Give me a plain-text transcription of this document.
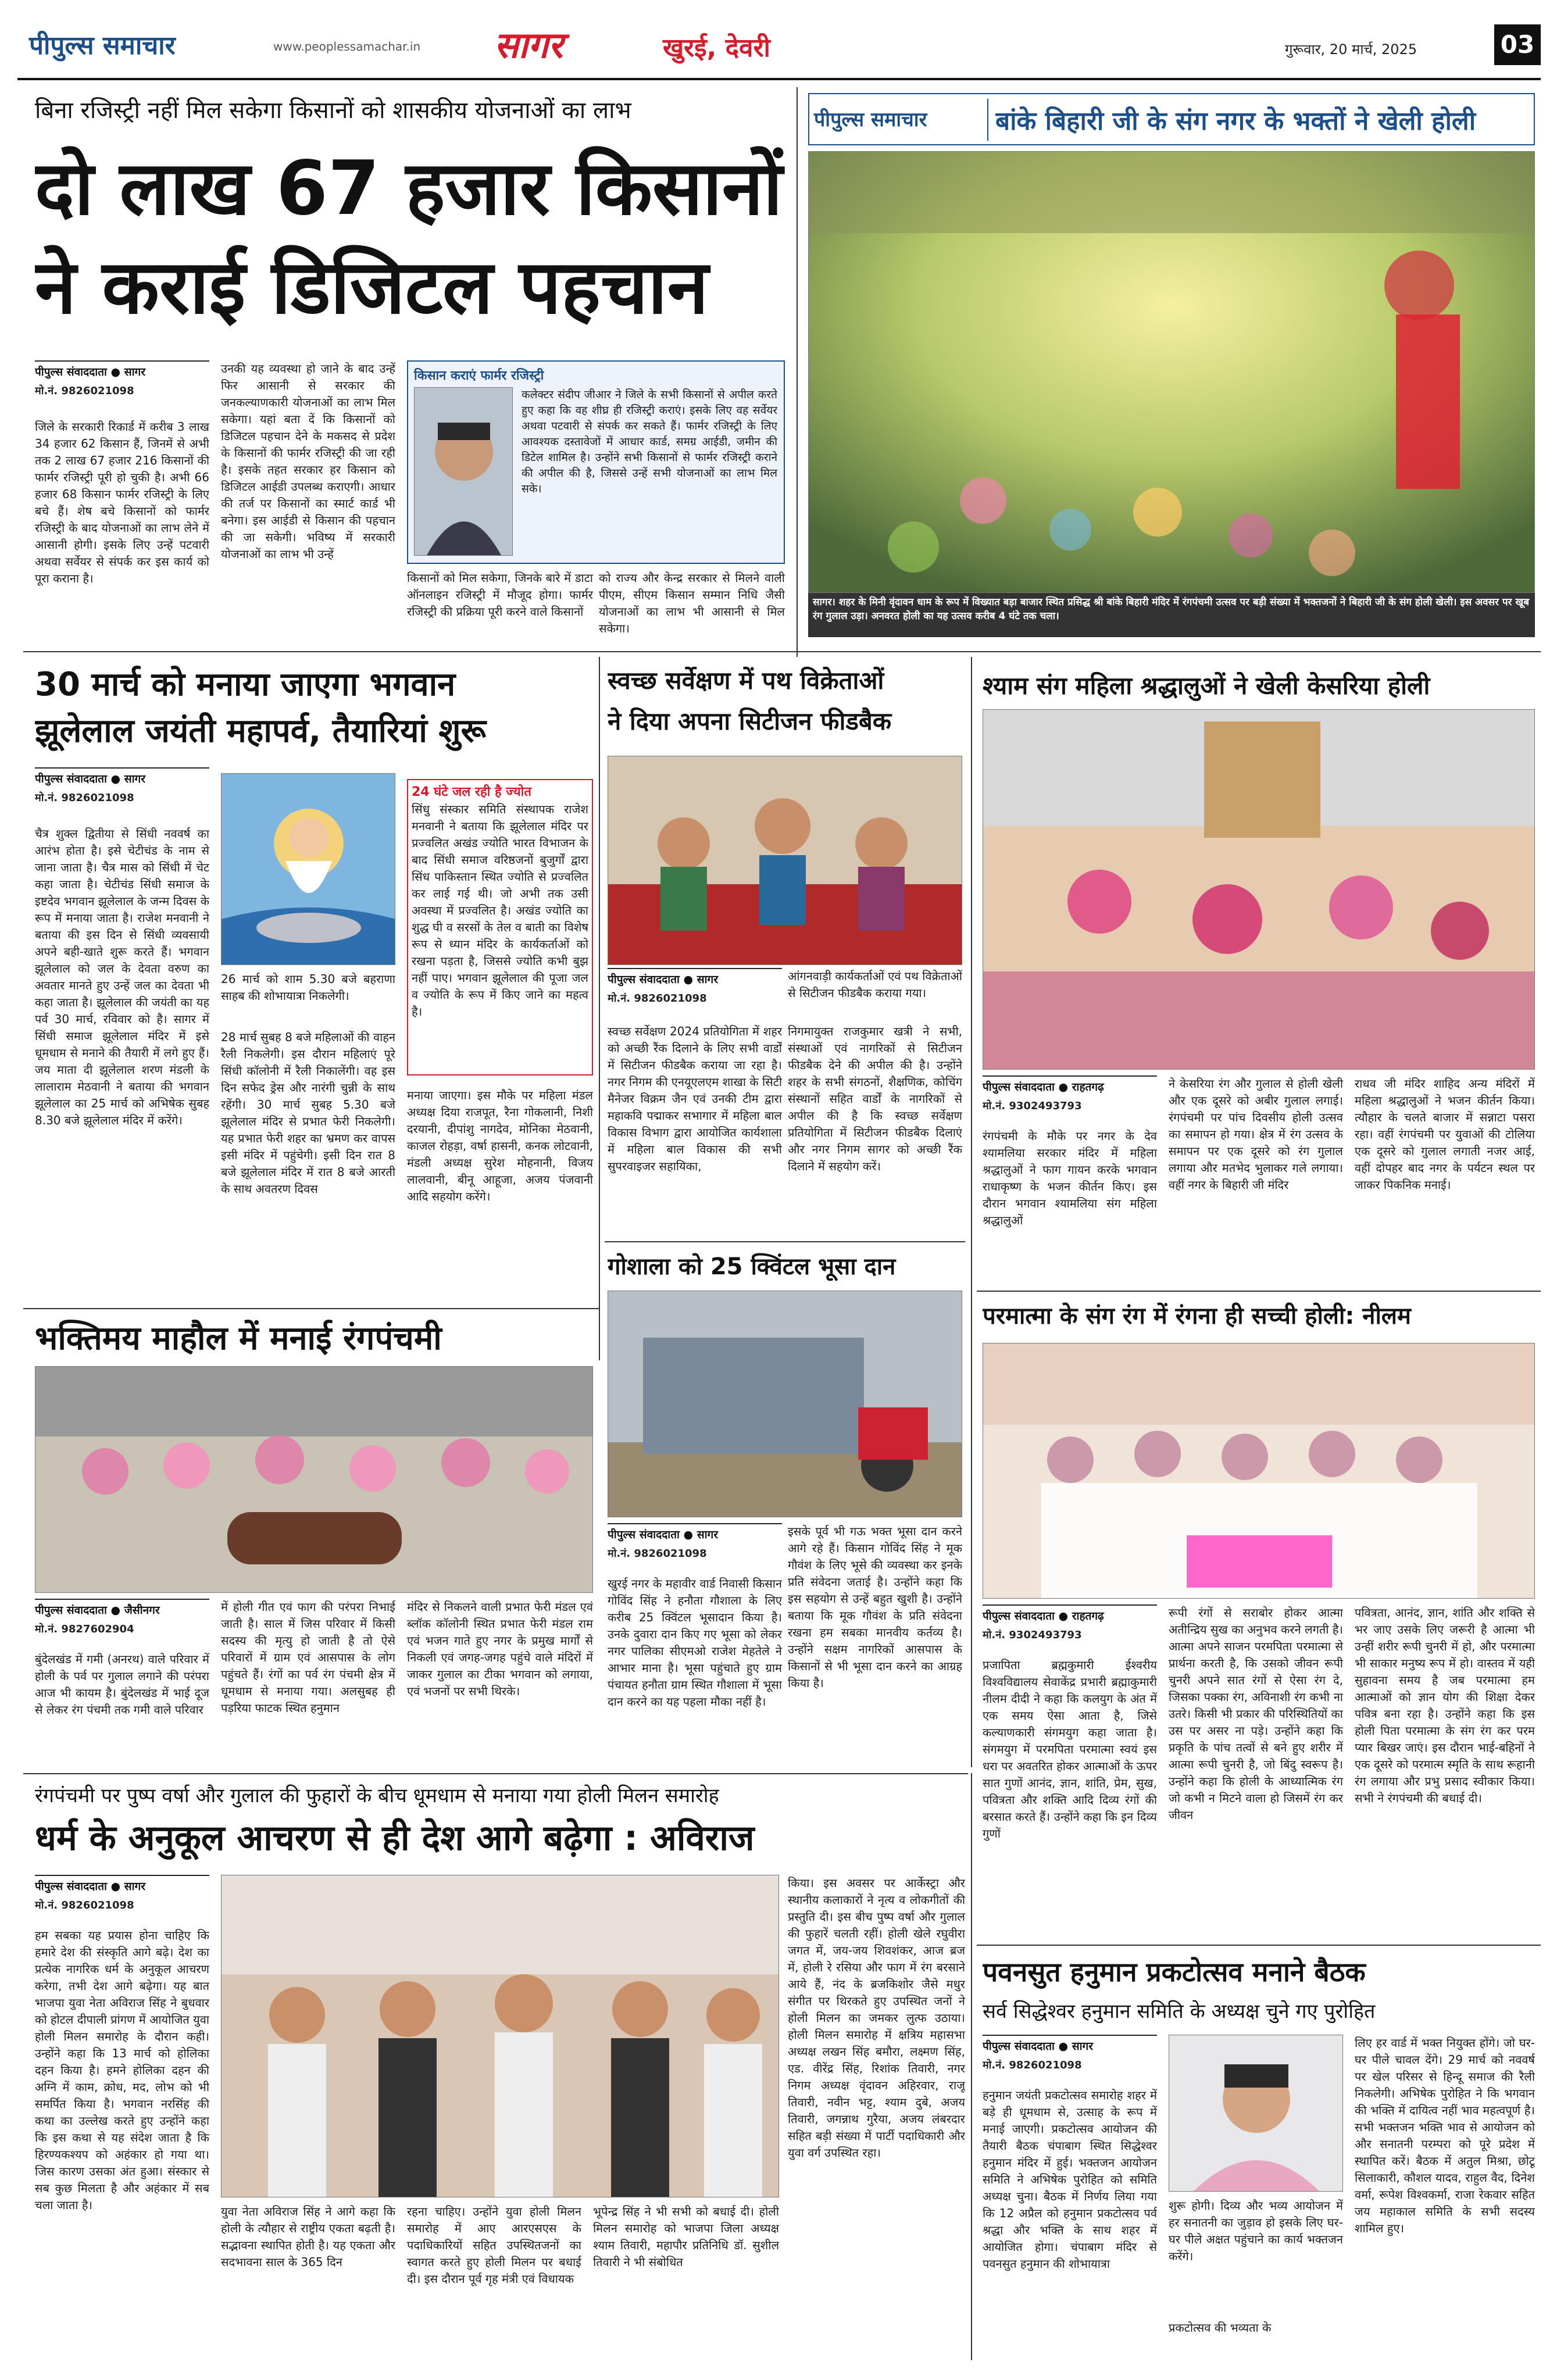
पीपुल्स समाचार	www.peoplessamachar.in सागर	खुरई, देवरी	गुरूवार, 20 मार्च, 2025	03
बिना रजिस्ट्री नहीं मिल सकेगा किसानों को शासकीय योजनाओं का लाभ
दो लाख 67 हजार किसानों
ने कराई डिजिटल पहचान
पीपुल्स संवाददाता ● सागर
मो.नं. 9826021098
जिले के सरकारी रिकार्ड में करीब 3 लाख 34 हजार 62 किसान हैं, जिनमें से अभी तक 2 लाख 67 हजार 216 किसानों की फार्मर रजिस्ट्री पूरी हो चुकी है। अभी 66 हजार 68 किसान फार्मर रजिस्ट्री के लिए बचे हैं। शेष बचे किसानों को फार्मर रजिस्ट्री के बाद योजनाओं का लाभ लेने में आसानी होगी। इसके लिए उन्हें पटवारी अथवा सर्वेयर से संपर्क कर इस कार्य को पूरा कराना है।
उनकी यह व्यवस्था हो जाने के बाद उन्हें फिर आसानी से सरकार की जनकल्याणकारी योजनाओं का लाभ मिल सकेगा। यहां बता दें कि किसानों को डिजिटल पहचान देने के मकसद से प्रदेश के किसानों की फार्मर रजिस्ट्री की जा रही है। इसके तहत सरकार हर किसान को डिजिटल आईडी उपलब्ध कराएगी। आधार की तर्ज पर किसानों का स्मार्ट कार्ड भी बनेगा। इस आईडी से किसान की पहचान की जा सकेगी। भविष्य में सरकारी योजनाओं का लाभ भी उन्हें
किसान कराएं फार्मर रजिस्ट्री
कलेक्टर संदीप जीआर ने जिले के सभी किसानों से अपील करते हुए कहा कि वह शीघ्र ही रजिस्ट्री कराएं। इसके लिए वह सर्वेयर अथवा पटवारी से संपर्क कर सकते हैं। फार्मर रजिस्ट्री के लिए आवश्यक दस्तावेजों में आधार कार्ड, समग्र आईडी, जमीन की डिटेल शामिल है। उन्होंने सभी किसानों से फार्मर रजिस्ट्री कराने की अपील की है, जिससे उन्हें सभी योजनाओं का लाभ मिल सके।
किसानों को मिल सकेगा, जिनके बारे में डाटा ऑनलाइन रजिस्ट्री में मौजूद होगा। फार्मर रजिस्ट्री की प्रक्रिया पूरी करने वाले किसानों
को राज्य और केन्द्र सरकार से मिलने वाली पीएम, सीएम किसान सम्मान निधि जैसी योजनाओं का लाभ भी आसानी से मिल सकेगा।
पीपुल्स समाचार	बांके बिहारी जी के संग नगर के भक्तों ने खेली होली
सागर। शहर के मिनी वृंदावन धाम के रूप में विख्यात बड़ा बाजार स्थित प्रसिद्ध श्री बांके बिहारी मंदिर में रंगपंचमी उत्सव पर बड़ी संख्या में भक्तजनों ने बिहारी जी के संग होली खेली। इस अवसर पर खूब रंग गुलाल उड़ा। अनवरत होली का यह उत्सव करीब 4 घंटे तक चला।
30 मार्च को मनाया जाएगा भगवान
झूलेलाल जयंती महापर्व, तैयारियां शुरू
पीपुल्स संवाददाता ● सागर
मो.नं. 9826021098
चैत्र शुक्ल द्वितीया से सिंधी नववर्ष का आरंभ होता है। इसे चेटीचंड के नाम से जाना जाता है। चैत्र मास को सिंधी में चेट कहा जाता है। चेटीचंड सिंधी समाज के इष्टदेव भगवान झूलेलाल के जन्म दिवस के रूप में मनाया जाता है। राजेश मनवानी ने बताया की इस दिन से सिंधी व्यवसायी अपने बही-खाते शुरू करते हैं। भगवान झूलेलाल को जल के देवता वरुण का अवतार मानते हुए उन्हें जल का देवता भी कहा जाता है। झूलेलाल की जयंती का यह पर्व 30 मार्च, रविवार को है। सागर में सिंधी समाज झूलेलाल मंदिर में इसे धूमधाम से मनाने की तैयारी में लगे हुए हैं। जय माता दी झूलेलाल शरण मंडली के लालाराम मेठवानी ने बताया की भगवान झूलेलाल का 25 मार्च को अभिषेक सुबह 8.30 बजे झूलेलाल मंदिर में करेंगे।
26 मार्च को शाम 5.30 बजे बहराणा साहब की शोभायात्रा निकलेगी।
28 मार्च सुबह 8 बजे महिलाओं की वाहन रैली निकलेगी। इस दौरान महिलाएं पूरे सिंधी कॉलोनी में रैली निकालेंगी। वह इस दिन सफेद ड्रेस और नारंगी चुन्नी के साथ रहेंगी। 30 मार्च सुबह 5.30 बजे झूलेलाल मंदिर से प्रभात फेरी निकलेगी। यह प्रभात फेरी शहर का भ्रमण कर वापस इसी मंदिर में पहुंचेगी। इसी दिन रात 8 बजे झूलेलाल मंदिर में रात 8 बजे आरती के साथ अवतरण दिवस
24 घंटे जल रही है ज्योत
सिंधु संस्कार समिति संस्थापक राजेश मनवानी ने बताया कि झूलेलाल मंदिर पर प्रज्वलित अखंड ज्योति भारत विभाजन के बाद सिंधी समाज वरिष्ठजनों बुजुर्गों द्वारा सिंध पाकिस्तान स्थित ज्योति से प्रज्वलित कर लाई गई थी। जो अभी तक उसी अवस्था में प्रज्वलित है। अखंड ज्योति का शुद्ध घी व सरसों के तेल व बाती का विशेष रूप से ध्यान मंदिर के कार्यकर्ताओं को रखना पड़ता है, जिससे ज्योति कभी बुझ नहीं पाए। भगवान झूलेलाल की पूजा जल व ज्योति के रूप में किए जाने का महत्व है।
मनाया जाएगा। इस मौके पर महिला मंडल अध्यक्ष दिया राजपूत, रैना गोकलानी, निशी दरयानी, दीपांशु नागदेव, मोनिका मेठवानी, काजल रोहड़ा, वर्षा हासनी, कनक लोटवानी, मंडली अध्यक्ष सुरेश मोहनानी, विजय लालवानी, बीनू आहूजा, अजय पंजवानी आदि सहयोग करेंगे।
स्वच्छ सर्वेक्षण में पथ विक्रेताओं
ने दिया अपना सिटीजन फीडबैक
पीपुल्स संवाददाता ● सागर	आंगनवाड़ी कार्यकर्ताओं एवं पथ विक्रेताओं से सिटीजन फीडबैक कराया गया।
मो.नं. 9826021098
स्वच्छ सर्वेक्षण 2024 प्रतियोगिता में शहर को अच्छी रैंक दिलाने के लिए सभी वार्डों में सिटीजन फीडबैक कराया जा रहा है। नगर निगम की एनयूएलएम शाखा के सिटी मैनेजर विक्रम जैन एवं उनकी टीम द्वारा महाकवि पद्माकर सभागार में महिला बाल विकास विभाग द्वारा आयोजित कार्यशाला में महिला बाल विकास की सभी सुपरवाइजर सहायिका,
निगमायुक्त राजकुमार खत्री ने सभी, संस्थाओं एवं नागरिकों से सिटीजन फीडबैक देने की अपील की है। उन्होंने शहर के सभी संगठनों, शैक्षणिक, कोचिंग संस्थानों सहित वार्डों के नागरिकों से अपील की है कि स्वच्छ सर्वेक्षण प्रतियोगिता में सिटीजन फीडबैक दिलाएं और नगर निगम सागर को अच्छी रैंक दिलाने में सहयोग करें।
श्याम संग महिला श्रद्धालुओं ने खेली केसरिया होली
पीपुल्स संवाददाता ● राहतगढ़
मो.नं. 9302493793
रंगपंचमी के मौके पर नगर के देव श्यामलिया सरकार मंदिर में महिला श्रद्धालुओं ने फाग गायन करके भगवान राधाकृष्ण के भजन कीर्तन किए। इस दौरान भगवान श्यामलिया संग महिला श्रद्धालुओं
ने केसरिया रंग और गुलाल से होली खेली और एक दूसरे को अबीर गुलाल लगाई। रंगपंचमी पर पांच दिवसीय होली उत्सव का समापन हो गया। क्षेत्र में रंग उत्सव के समापन पर एक दूसरे को रंग गुलाल लगाया और मतभेद भुलाकर गले लगाया। वहीं नगर के बिहारी जी मंदिर
राधव जी मंदिर शाहिद अन्य मंदिरों में महिला श्रद्धालुओं ने भजन कीर्तन किया। त्यौहार के चलते बाजार में सन्नाटा पसरा रहा। वहीं रंगपंचमी पर युवाओं की टोलिया एक दूसरे को गुलाल लगाती नजर आई, वहीं दोपहर बाद नगर के पर्यटन स्थल पर जाकर पिकनिक मनाई।
भक्तिमय माहौल में मनाई रंगपंचमी
पीपुल्स संवाददाता ● जैसीनगर
मो.नं. 9827602904
बुंदेलखंड में गमी (अनरथ) वाले परिवार में होली के पर्व पर गुलाल लगाने की परंपरा आज भी कायम है। बुंदेलखंड में भाई दूज से लेकर रंग पंचमी तक गमी वाले परिवार
में होली गीत एवं फाग की परंपरा निभाई जाती है। साल में जिस परिवार में किसी सदस्य की मृत्यु हो जाती है तो ऐसे परिवारों में ग्राम एवं आसपास के लोग पहुंचते हैं। रंगों का पर्व रंग पंचमी क्षेत्र में धूमधाम से मनाया गया। अलसुबह ही पड़रिया फाटक स्थित हनुमान
मंदिर से निकलने वाली प्रभात फेरी मंडल एवं ब्लॉक कॉलोनी स्थित प्रभात फेरी मंडल राम एवं भजन गाते हुए नगर के प्रमुख मार्गों से निकली एवं जगह-जगह पहुंचे वाले मंदिरों में जाकर गुलाल का टीका भगवान को लगाया, एवं भजनों पर सभी थिरके।
गोशाला को 25 क्विंटल भूसा दान
पीपुल्स संवाददाता ● सागर
मो.नं. 9826021098
खुरई नगर के महावीर वार्ड निवासी किसान गोविंद सिंह ने हनौता गौशाला के लिए करीब 25 क्विंटल भूसादान किया है। उनके दुवारा दान किए गए भूसा को लेकर नगर पालिका सीएमओ राजेश मेहतेले ने आभार माना है। भूसा पहुंचाते हुए ग्राम पंचायत हनौता ग्राम स्थित गौशाला में भूसा दान करने का यह पहला मौका नहीं है।
इसके पूर्व भी गऊ भक्त भूसा दान करने आगे रहे हैं। किसान गोविंद सिंह ने मूक गौवंश के लिए भूसे की व्यवस्था कर इनके प्रति संवेदना जताई है। उन्होंने कहा कि इस सहयोग से उन्हें बहुत खुशी है। उन्होंने बताया कि मूक गौवंश के प्रति संवेदना रखना हम सबका मानवीय कर्तव्य है। उन्होंने सक्षम नागरिकों आसपास के किसानों से भी भूसा दान करने का आग्रह किया है।
परमात्मा के संग रंग में रंगना ही सच्ची होली: नीलम
पीपुल्स संवाददाता ● राहतगढ़
मो.नं. 9302493793
प्रजापिता ब्रह्मकुमारी ईश्वरीय विश्वविद्यालय सेवाकेंद्र प्रभारी ब्रह्माकुमारी नीलम दीदी ने कहा कि कलयुग के अंत में एक समय ऐसा आता है, जिसे कल्याणकारी संगमयुग कहा जाता है। संगमयुग में परमपिता परमात्मा स्वयं इस धरा पर अवतरित होकर आत्माओं के ऊपर सात गुणों आनंद, ज्ञान, शांति, प्रेम, सुख, पवित्रता और शक्ति आदि दिव्य रंगों की बरसात करते हैं। उन्होंने कहा कि इन दिव्य गुणों
रूपी रंगों से सराबोर होकर आत्मा अतीन्द्रिय सुख का अनुभव करने लगती है। आत्मा अपने साजन परमपिता परमात्मा से प्रार्थना करती है, कि उसको जीवन रूपी चुनरी अपने सात रंगों से ऐसा रंग दे, जिसका पक्का रंग, अविनाशी रंग कभी ना उतरे। किसी भी प्रकार की परिस्थितियों का उस पर असर ना पड़े। उन्होंने कहा कि प्रकृति के पांच तत्वों से बने हुए शरीर में आत्मा रूपी चुनरी है, जो बिंदु स्वरूप है। उन्होंने कहा कि होली के आध्यात्मिक रंग जो कभी न मिटने वाला हो जिसमें रंग कर जीवन
पवित्रता, आनंद, ज्ञान, शांति और शक्ति से भर जाए उसके लिए जरूरी है आत्मा भी उन्हीं शरीर रूपी चुनरी में हो, और परमात्मा भी साकार मनुष्य रूप में हो। वास्तव में यही सुहावना समय है जब परमात्मा हम आत्माओं को ज्ञान योग की शिक्षा देकर पवित्र बना रहा है। उन्होंने कहा कि इस होली पिता परमात्मा के संग रंग कर परम प्यार बिखर जाएं। इस दौरान भाई-बहिनों ने एक दूसरे को परमात्म स्मृति के साथ रूहानी रंग लगाया और प्रभु प्रसाद स्वीकार किया। सभी ने रंगपंचमी की बधाई दी।
रंगपंचमी पर पुष्प वर्षा और गुलाल की फुहारों के बीच धूमधाम से मनाया गया होली मिलन समारोह
धर्म के अनुकूल आचरण से ही देश आगे बढ़ेगा : अविराज
पीपुल्स संवाददाता ● सागर
मो.नं. 9826021098
हम सबका यह प्रयास होना चाहिए कि हमारे देश की संस्कृति आगे बढ़े। देश का प्रत्येक नागरिक धर्म के अनुकूल आचरण करेगा, तभी देश आगे बढ़ेगा। यह बात भाजपा युवा नेता अविराज सिंह ने बुधवार को होटल दीपाली प्रांगण में आयोजित युवा होली मिलन समारोह के दौरान कही। उन्होंने कहा कि 13 मार्च को होलिका दहन किया है। हमने होलिका दहन की अग्नि में काम, क्रोध, मद, लोभ को भी समर्पित किया है। भगवान नरसिंह की कथा का उल्लेख करते हुए उन्होंने कहा कि इस कथा से यह संदेश जाता है कि हिरण्यकश्यप को अहंकार हो गया था। जिस कारण उसका अंत हुआ। संस्कार से सब कुछ मिलता है और अहंकार में सब चला जाता है।	युवा नेता अविराज सिंह ने आगे कहा कि होली के त्यौहार से राष्ट्रीय एकता बढ़ती है। सद्भावना स्थापित होती है। यह एकता और सदभावना साल के 365 दिन
रहना चाहिए। उन्होंने युवा होली मिलन समारोह में आए आरएसएस के पदाधिकारियों सहित उपस्थितजनों का स्वागत करते हुए होली मिलन पर बधाई दी। इस दौरान पूर्व गृह मंत्री एवं विधायक
भूपेन्द्र सिंह ने भी सभी को बधाई दी। होली मिलन समारोह को भाजपा जिला अध्यक्ष श्याम तिवारी, महापौर प्रतिनिधि डॉ. सुशील तिवारी ने भी संबोधित
किया। इस अवसर पर आर्केस्ट्रा और स्थानीय कलाकारों ने नृत्य व लोकगीतों की प्रस्तुति दी। इस बीच पुष्प वर्षा और गुलाल की फुहारें चलती रहीं। होली खेले रघुवीरा जगत में, जय-जय शिवशंकर, आज ब्रज में, होली रे रसिया और फाग में रंग बरसाने आये हैं, नंद के ब्रजकिशोर जैसे मधुर संगीत पर थिरकते हुए उपस्थित जनों ने होली मिलन का जमकर लुत्फ उठाया। होली मिलन समारोह में क्षत्रिय महासभा अध्यक्ष लखन सिंह बमौरा, लक्ष्मण सिंह, एड. वीरेंद्र सिंह, रिशांक तिवारी, नगर निगम अध्यक्ष वृंदावन अहिरवार, राजू तिवारी, नवीन भट्ट, श्याम दुबे, अजय तिवारी, जगन्नाथ गुरैया, अजय लंबरदार सहित बड़ी संख्या में पार्टी पदाधिकारी और युवा वर्ग उपस्थित रहा।
पवनसुत हनुमान प्रकटोत्सव मनाने बैठक
सर्व सिद्धेश्वर हनुमान समिति के अध्यक्ष चुने गए पुरोहित
पीपुल्स संवाददाता ● सागर
मो.नं. 9826021098
हनुमान जयंती प्रकटोत्सव समारोह शहर में बड़े ही धूमधाम से, उत्साह के रूप में मनाई जाएगी। प्रकटोत्सव आयोजन की तैयारी बैठक चंपाबाग स्थित सिद्धेश्वर हनुमान मंदिर में हुई। भक्तजन आयोजन समिति ने अभिषेक पुरोहित को समिति अध्यक्ष चुना। बैठक में निर्णय लिया गया कि 12 अप्रैल को हनुमान प्रकटोत्सव पर्व श्रद्धा और भक्ति के साथ शहर में आयोजित होगा। चंपाबाग मंदिर से पवनसुत हनुमान की शोभायात्रा
शुरू होगी। दिव्य और भव्य आयोजन में हर सनातनी का जुड़ाव हो इसके लिए घर-घर पीले अक्षत पहुंचाने का कार्य भक्तजन करेंगे।
प्रकटोत्सव की भव्यता के
लिए हर वार्ड में भक्त नियुक्त होंगे। जो घर-घर पीले चावल देंगे। 29 मार्च को नववर्ष पर खेल परिसर से हिन्दू समाज की रैली निकलेगी। अभिषेक पुरोहित ने कि भगवान की भक्ति में दायित्व नहीं भाव महत्वपूर्ण है। सभी भक्तजन भक्ति भाव से आयोजन को और सनातनी परम्परा को पूरे प्रदेश में स्थापित करें। बैठक में अतुल मिश्रा, छोटू सिलाकारी, कौशल यादव, राहुल वैद, दिनेश वर्मा, रूपेश विश्वकर्मा, राजा रेकवार सहित जय महाकाल समिति के सभी सदस्य शामिल हुए।
